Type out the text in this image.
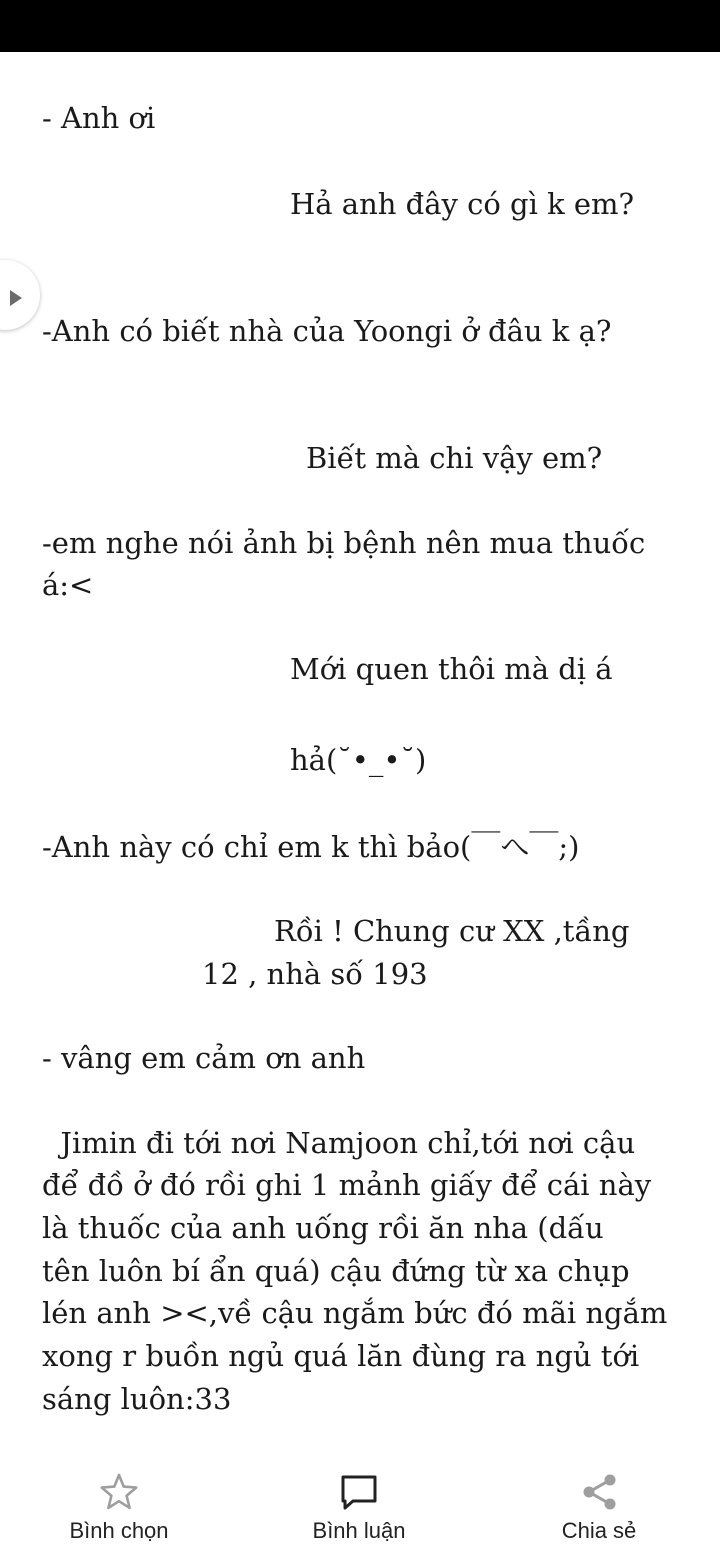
- Anh ơi

Hả anh đây có gì k em?

-Anh có biết nhà của Yoongi ở đâu k ạ?

Biết mà chi vậy em?

-em nghe nói ảnh bị bệnh nên mua thuốc

á:<

Mới quen thôi mà dị á

hả(˘•_•˘)

-Anh này có chỉ em k thì bảo(￣へ￣;)

Rồi ! Chung cư XX ,tầng

12 , nhà số 193

- vâng em cảm ơn anh

Jimin đi tới nơi Namjoon chỉ,tới nơi cậu

để đồ ở đó rồi ghi 1 mảnh giấy để cái này

là thuốc của anh uống rồi ăn nha (dấu

tên luôn bí ẩn quá) cậu đứng từ xa chụp

lén anh ><,về cậu ngắm bức đó mãi ngắm

xong r buồn ngủ quá lăn đùng ra ngủ tới

sáng luôn:33

Bình chọn	Bình luận	Chia sẻ
